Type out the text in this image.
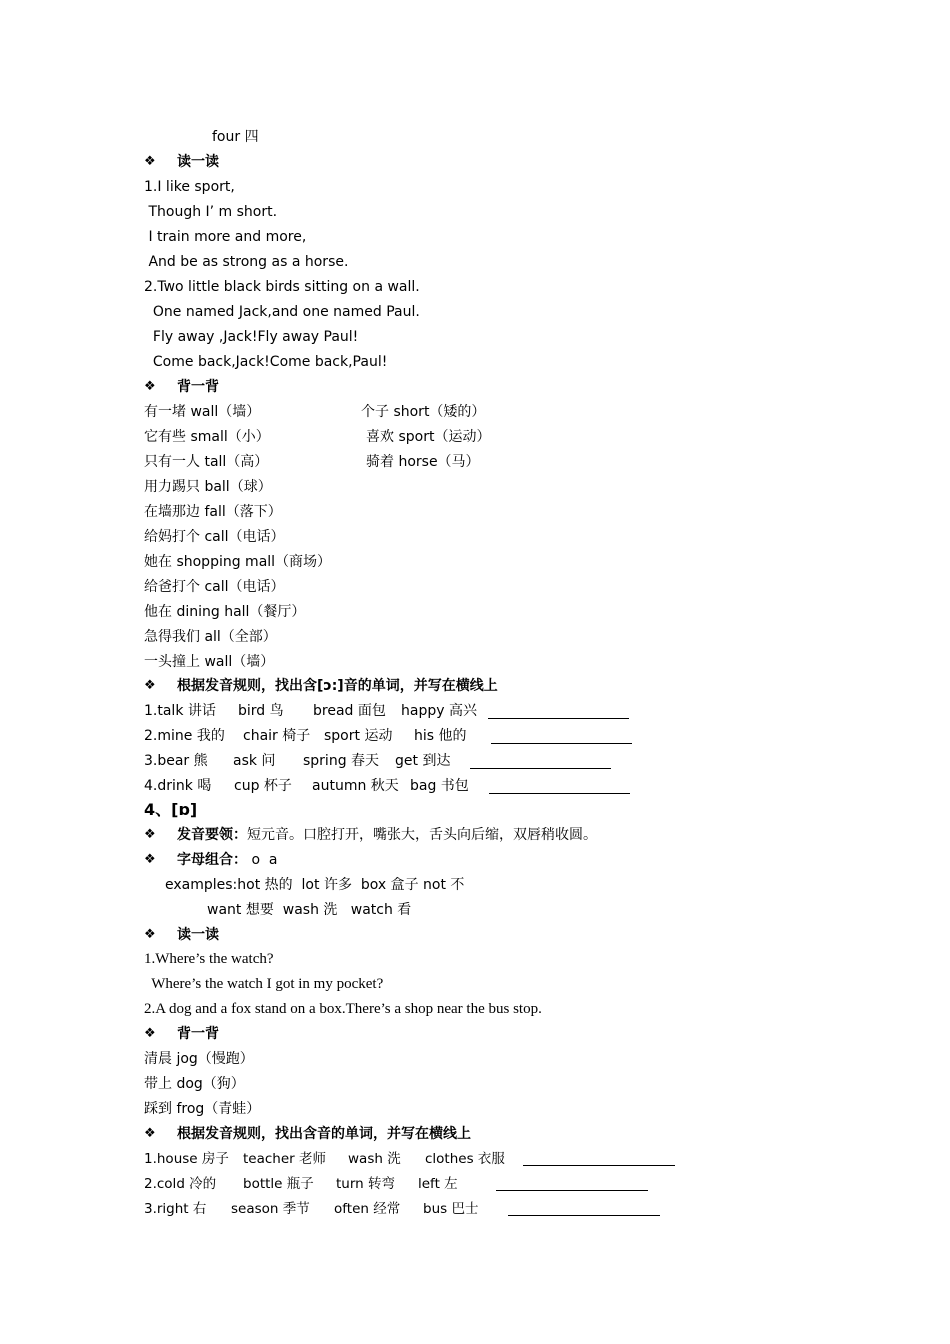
four 四
❖ 读一读
1.I like sport,
Though I’ m short.
I train more and more,
And be as strong as a horse.
2.Two little black birds sitting on a wall.
One named Jack,and one named Paul.
Fly away ,Jack!Fly away Paul!
Come back,Jack!Come back,Paul!
❖ 背一背
有一堵 wall（墙）
它有些 small（小）
只有一人 tall（高）
用力踢只 ball（球）
在墙那边 fall（落下）
给妈打个 call（电话）
她在 shopping mall（商场）
给爸打个 call（电话）
他在 dining hall（餐厅）
急得我们 all（全部）
一头撞上 wall（墙）
个子 short（矮的）
喜欢 sport（运动）
骑着 horse（马）
❖ 根据发音规则，找出含[ɔ:]音的单词，并写在横线上
1.talk 讲话 bird 鸟 bread 面包 happy 高兴
2.mine 我的 chair 椅子 sport 运动 his 他的
3.bear 熊 ask 问 spring 春天 get 到达
4.drink 喝 cup 杯子 autumn 秋天 bag 书包
4、[ɒ]
❖ 发音要领：短元音。口腔打开，嘴张大，舌头向后缩，双唇稍收圆。
❖ 字母组合： o  a
examples:hot 热的  lot 许多  box 盒子 not 不
want 想要  wash 洗   watch 看
❖ 读一读
1.Where’s the watch?
Where’s the watch I got in my pocket?
2.A dog and a fox stand on a box.There’s a shop near the bus stop.
❖ 背一背
清晨 jog（慢跑）
带上 dog（狗）
踩到 frog（青蛙）
❖ 根据发音规则，找出含音的单词，并写在横线上
1.house 房子 teacher 老师 wash 洗 clothes 衣服
2.cold 冷的 bottle 瓶子 turn 转弯 left 左
3.right 右 season 季节 often 经常 bus 巴士
